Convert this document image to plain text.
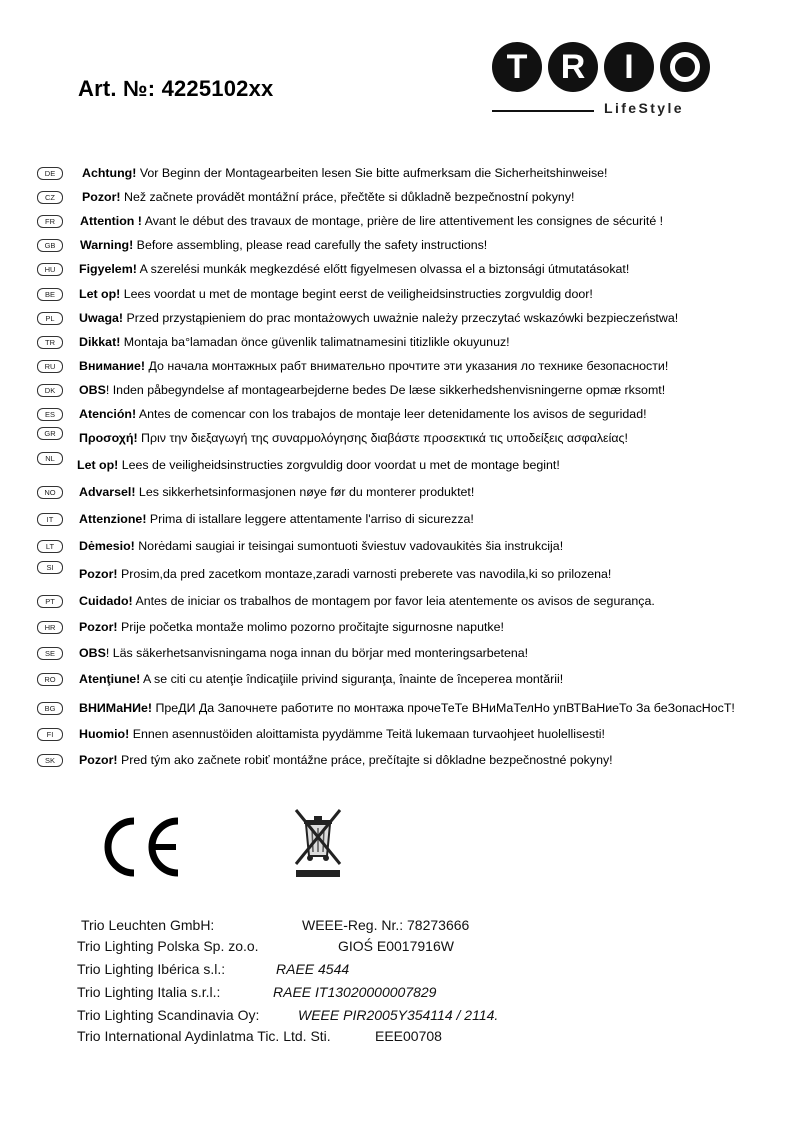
Art. №: 4225102xx
T R	I
LifeStyle
DE	Achtung! Vor Beginn der Montagearbeiten lesen Sie bitte aufmerksam die Sicherheitshinweise!
CZ	Pozor! Než začnete provádět montážní práce, přečtěte si důkladně bezpečnostní pokyny!
FR	Attention ! Avant le début des travaux de montage, prière de lire attentivement les consignes de sécurité !
GB	Warning! Before assembling, please read carefully the safety instructions!
HU	Figyelem! A szerelési munkák megkezdésé előtt figyelmesen olvassa el a biztonsági útmutatásokat!
BE	Let op! Lees voordat u met de montage begint eerst de veiligheidsinstructies zorgvuldig door!
PL	Uwaga! Przed przystąpieniem do prac montażowych uważnie należy przeczytać wskazówki bezpieczeństwa!
TR	Dikkat! Montaja ba°lamadan önce güvenlik talimatnamesini titizlikle okuyunuz!
RU	Внимание! До начала монтажных рабт внимательно прочтите эти указания ло технике безопасности!
DK	OBS! Inden påbegyndelse af montagearbejderne bedes De læse sikkerhedshenvisningerne opmæ rksomt!
ES	Atención! Antes de comencar con los trabajos de montaje leer detenidamente los avisos de seguridad!
GR	Προσοχή! Πριν την διεξαγωγή της συναρμολόγησης διαβάστε προσεκτικά τις υποδείξεις ασφαλείας!
NL	Let op! Lees de veiligheidsinstructies zorgvuldig door voordat u met de montage begint!
NO	Advarsel! Les sikkerhetsinformasjonen nøye før du monterer produktet!
IT	Attenzione! Prima di istallare leggere attentamente l'arriso di sicurezza!
LT	Dėmesio! Norėdami saugiai ir teisingai sumontuoti šviestuv vadovaukitės šia instrukcija!
SI	Pozor! Prosim,da pred zacetkom montaze,zaradi varnosti preberete vas navodila,ki so prilozena!
PT	Cuidado! Antes de iniciar os trabalhos de montagem por favor leia atentemente os avisos de segurança.
HR	Pozor! Prije početka montaže molimo pozorno pročitajte sigurnosne naputke!
SE	OBS! Läs säkerhetsanvisningama noga innan du börjar med monteringsarbetena!
RO	Atenţiune! A se citi cu atenţie îndicaţiile privind siguranţa, înainte de începerea montării!
BG	ВНИМаНИе! ПреДИ Да Започнете работите по монтажа прочеТеТе ВНиМаТелНо упВТВаНиеТо За беЗопасНосТ!
FI	Huomio! Ennen asennustöiden aloittamista pyydämme Teitä lukemaan turvaohjeet huolellisesti!
SK	Pozor! Pred tým ako začnete robiť montážne práce, prečítajte si dôkladne bezpečnostné pokyny!
Trio Leuchten GmbH:	WEEE-Reg. Nr.: 78273666
Trio Lighting Polska Sp. zo.o.	GIOŚ E0017916W
Trio Lighting Ibérica s.l.:	RAEE 4544
Trio Lighting Italia s.r.l.:	RAEE IT13020000007829
Trio Lighting Scandinavia Oy:	WEEE PIR2005Y354114 / 2114.
Trio International Aydinlatma Tic. Ltd. Sti.	EEE00708
